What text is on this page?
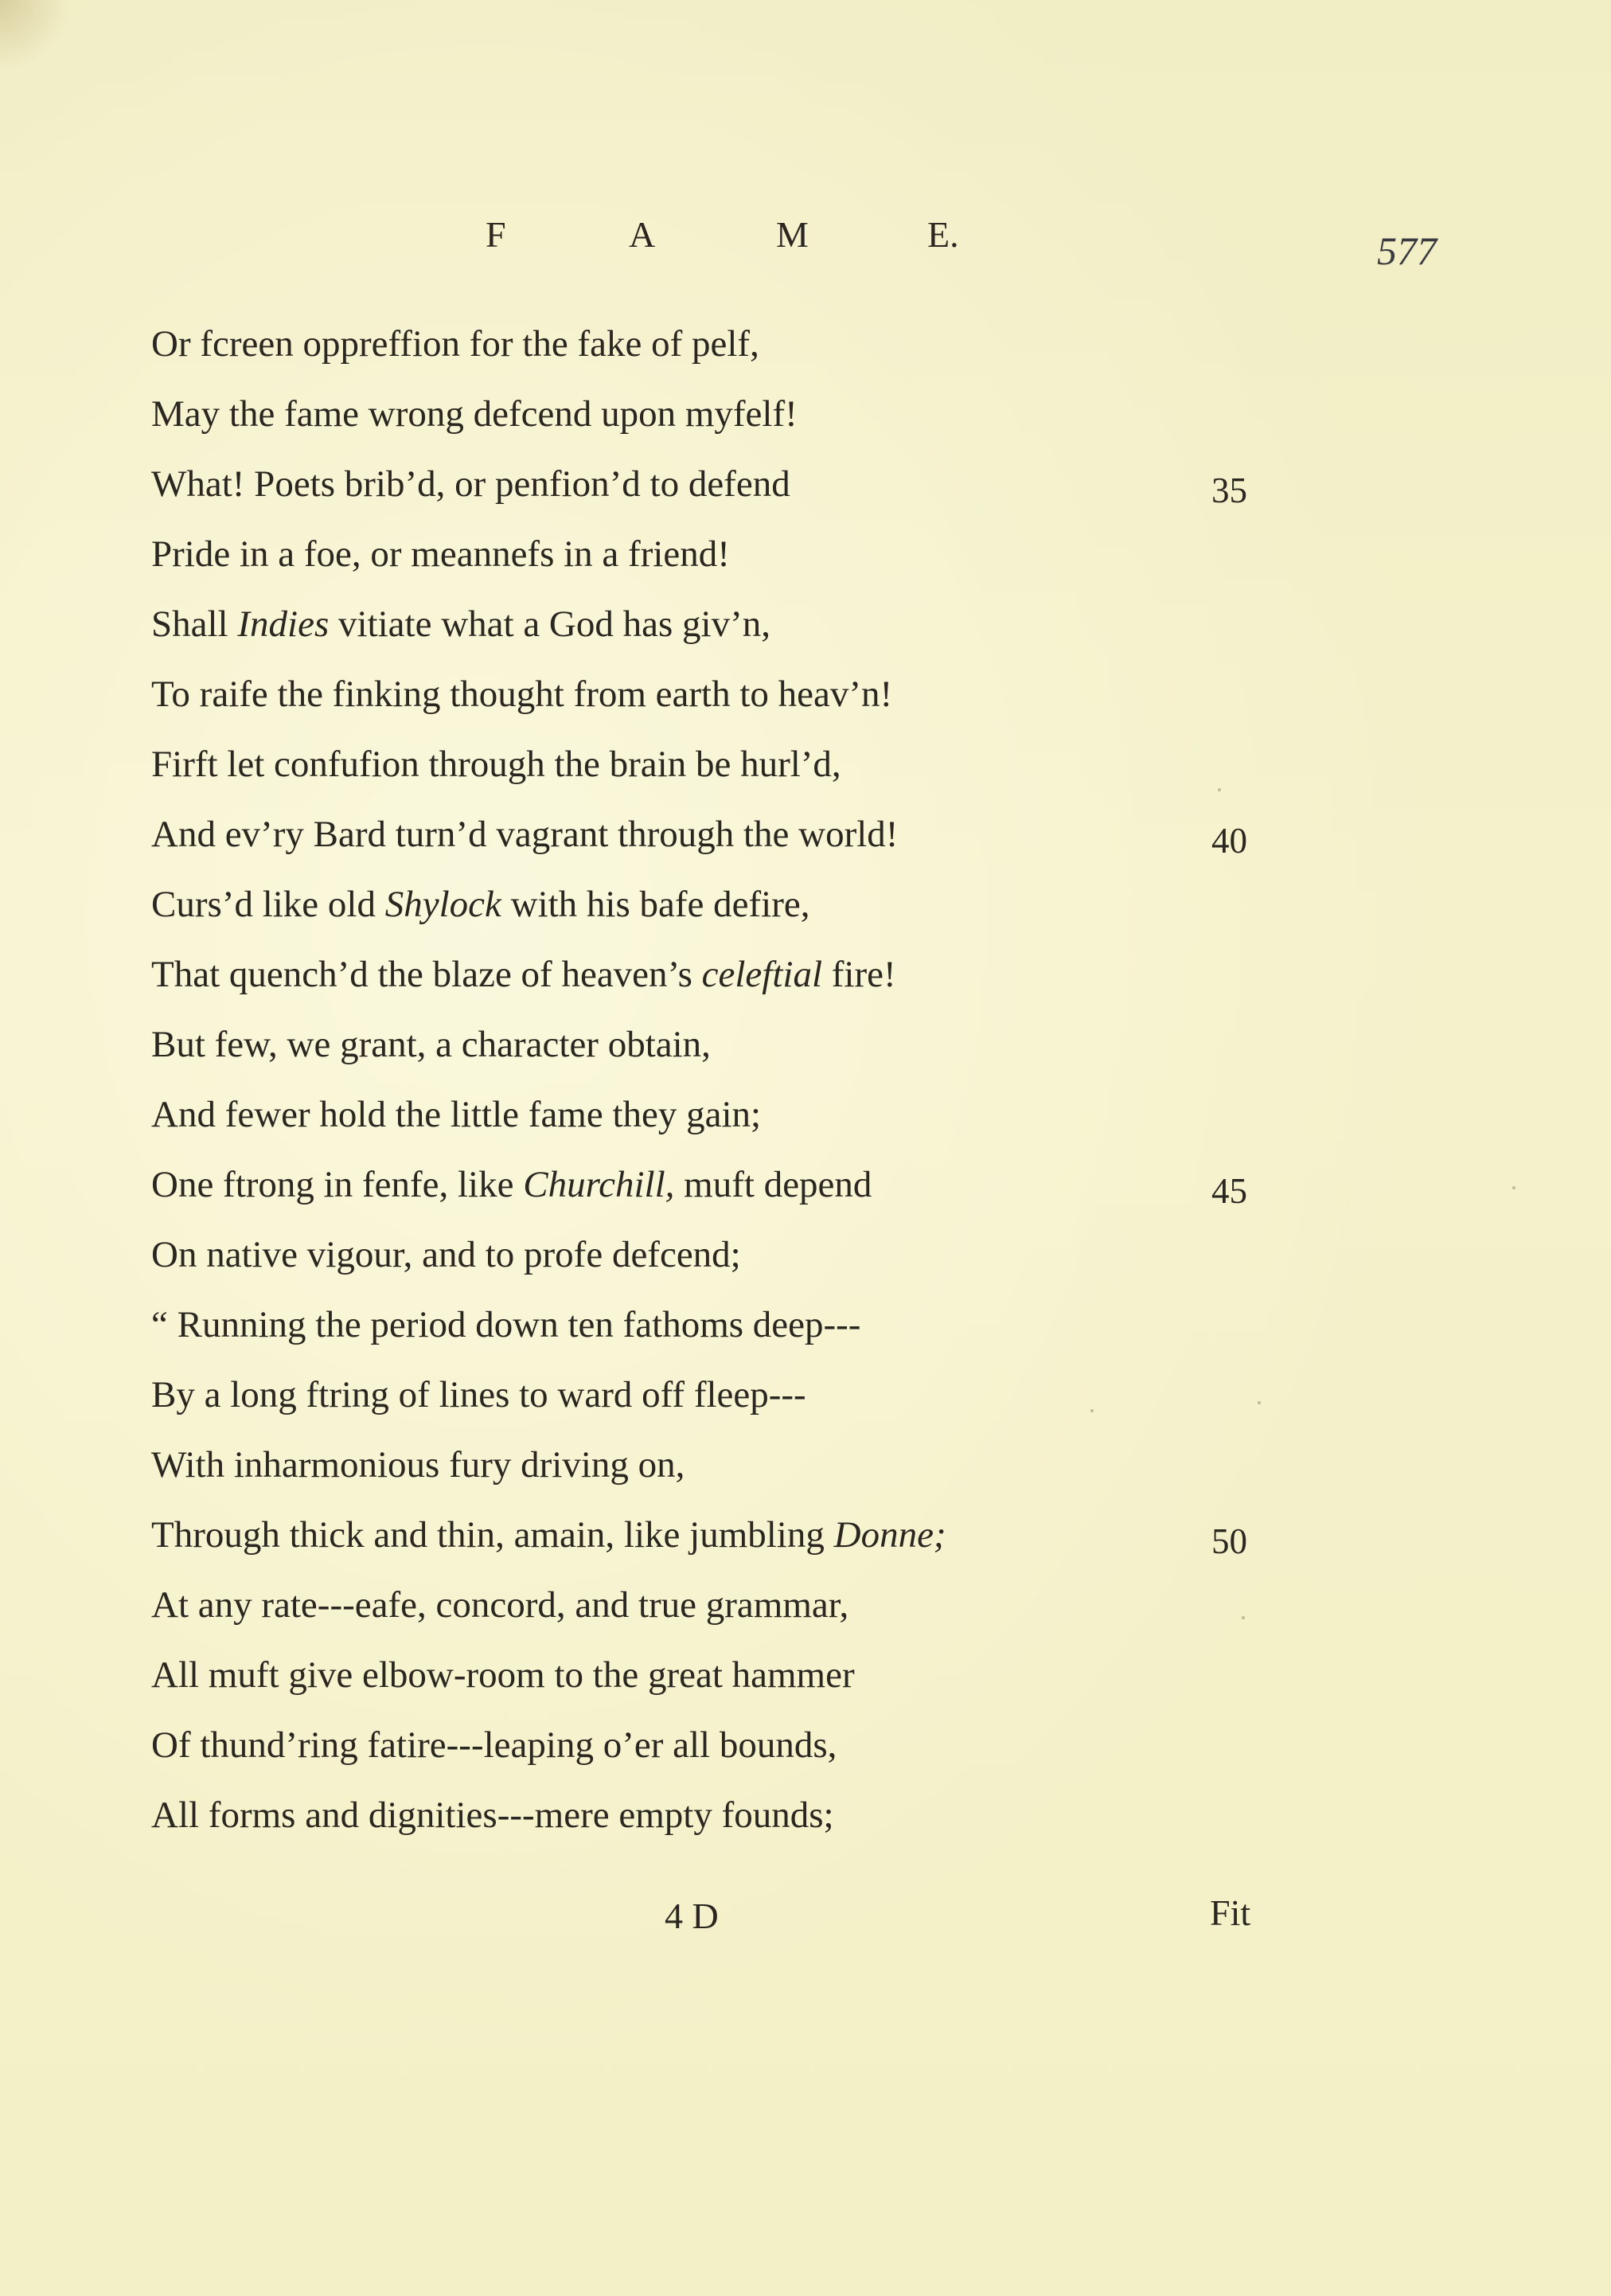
F	A	M	E.	577
Or fcreen oppreffion for the fake of pelf,
May the fame wrong defcend upon myfelf!
What! Poets brib’d, or penfion’d to defend	35
Pride in a foe, or meannefs in a friend!
Shall Indies vitiate what a God has giv’n,
To raife the finking thought from earth to heav’n!
Firft let confufion through the brain be hurl’d,
And ev’ry Bard turn’d vagrant through the world!	40
Curs’d like old Shylock with his bafe defire,
That quench’d the blaze of heaven’s celeftial fire!
But few, we grant, a character obtain,
And fewer hold the little fame they gain;
One ftrong in fenfe, like Churchill, muft depend	45
On native vigour, and to profe defcend;
“ Running the period down ten fathoms deep---
By a long ftring of lines to ward off fleep---
With inharmonious fury driving on,
Through thick and thin, amain, like jumbling Donne;	50
At any rate---eafe, concord, and true grammar,
All muft give elbow-room to the great hammer
Of thund’ring fatire---leaping o’er all bounds,
All forms and dignities---mere empty founds;
4 D	Fit
